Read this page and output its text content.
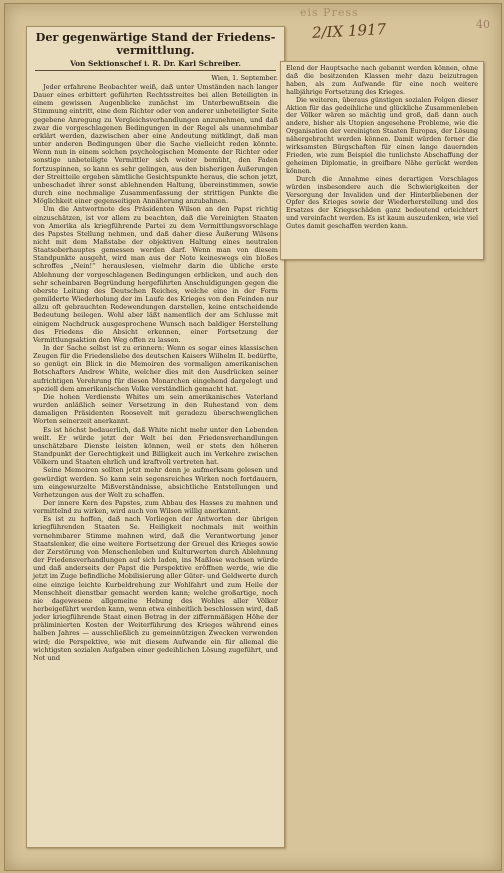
eis Press
2/IX 1917	40
Der gegenwärtige Stand der Friedens-
vermittlung.
Von Sektionschef i. R. Dr. Karl Schreiber.
Wien, 1. September.

Jeder erfahrene Beobachter weiß, daß unter Umständen nach langer Dauer eines erbittert geführten Rechtsstreites bei allen Beteiligten in einem gewissen Augenblicke zunächst im Unterbewußtsein die Stimmung eintritt, eine dem Richter oder von anderer unbeteiligter Seite gegebene Anregung zu Vergleichsverhandlungen anzunehmen, und daß zwar die vorgeschlagenen Bedingungen in der Regel als unannehmbar erklärt werden, dazwischen aber eine Andeutung mitklingt, daß man unter anderen Bedingungen über die Sache vielleicht reden könnte. Wenn nun in einem solchen psychologischen Momente der Richter oder sonstige unbeteiligte Vermittler sich weiter bemüht, den Faden fortzuspinnen, so kann es sehr gelingen, aus den bisherigen Äußerungen der Streitteile ergeben sämtliche Gesichtspunkte heraus, die schon jetzt, unbeschadet ihrer sonst ablehnenden Haltung, übereinstimmen, sowie durch eine nochmalige Zusammenfassung der strittigen Punkte die Möglichkeit einer gegenseitigen Annäherung anzubahnen.

Um die Antwortnote des Präsidenten Wilson an den Papst richtig einzuschätzen, ist vor allem zu beachten, daß die Vereinigten Staaten von Amerika als kriegführende Partei zu dem Vermittlungsvorschlage des Papstes Stellung nehmen, und daß daher diese Äußerung Wilsons nicht mit dem Maßstabe der objektiven Haltung eines neutralen Staatsoberhauptes gemessen werden darf. Wenn man von diesem Standpunkte ausgeht, wird man aus der Note keineswegs ein bloßes schroffes „Nein!“ herauslesen, vielmehr darin die übliche erste Ablehnung der vorgeschlagenen Bedingungen erblicken, und auch den sehr scheinbaren Begründung hergeführten Anschuldigungen gegen die oberste Leitung des Deutschen Reiches, welche eine in der Form gemilderte Wiederholung der im Laufe des Krieges von den Feinden nur allzu oft gebrauchten Redewendungen darstellen, keine entscheidende Bedeutung beilegen. Wohl aber läßt namentlich der am Schlusse mit einigem Nachdruck ausgesprochene Wunsch nach baldiger Herstellung des Friedens die Absicht erkennen, einer Fortsetzung der Vermittlungsaktion den Weg offen zu lassen.

In der Sache selbst ist zu erinnern: Wenn es sogar eines klassischen Zeugen für die Friedensliebe des deutschen Kaisers Wilhelm II. bedürfte, so genügt ein Blick in die Memoiren des vormaligen amerikanischen Botschafters Andrew White, welcher dies mit den Ausdrücken seiner aufrichtigen Verehrung für diesen Monarchen eingehend dargelegt und speziell dem amerikanischen Volke verständlich gemacht hat.

Die hohen Verdienste Whites um sein amerikanisches Vaterland wurden anläßlich seiner Versetzung in den Ruhestand von dem damaligen Präsidenten Roosevelt mit geradezu überschwenglichen Worten seinerzeit anerkannt.

Es ist höchst bedauerlich, daß White nicht mehr unter den Lebenden weilt. Er würde jetzt der Welt bei den Friedensverhandlungen unschätzbare Dienste leisten können, weil er stets den höheren Standpunkt der Gerechtigkeit und Billigkeit auch im Verkehre zwischen Völkern und Staaten ehrlich und kraftvoll vertreten hat.

Seine Memoiren sollten jetzt mehr denn je aufmerksam gelesen und gewürdigt werden. So kann sein segensreiches Wirken noch fortdauern, um eingewurzelte Mißverständnisse, absichtliche Entstellungen und Verhetzungen aus der Welt zu schaffen.

Der innere Kern des Papstes, zum Abbau des Hasses zu mahnen und vermittelnd zu wirken, wird auch von Wilson willig anerkannt.

Es ist zu hoffen, daß nach Vorliegen der Antworten der übrigen kriegführenden Staaten Se. Heiligkeit nochmals mit weithin vernehmbarer Stimme mahnen wird, daß die Verantwortung jener Staatslenker, die eine weitere Fortsetzung der Greuel des Krieges sowie der Zerstörung von Menschenleben und Kulturwerten durch Ablehnung der Friedensverhandlungen auf sich laden, ins Maßlose wachsen würde und daß anderseits der Papst die Perspektive eröffnen werde, wie die jetzt im Zuge befindliche Mobilisierung aller Güter- und Geldwerte durch eine einzige leichte Kurbeldrehung zur Wohlfahrt und zum Heile der Menschheit dienstbar gemacht werden kann; welche großartige, noch nie dagewesene allgemeine Hebung des Wohles aller Völker herbeigeführt werden kann, wenn etwa einheitlich beschlossen wird, daß jeder kriegführende Staat einen Betrag in der ziffernmäßigen Höhe der präliminierten Kosten der Weiterführung des Krieges während eines halben Jahres — ausschließlich zu gemeinnützigen Zwecken verwenden wird; die Perspektive, wie mit diesem Aufwande ein für allemal die wichtigsten sozialen Aufgaben einer gedeihlichen Lösung zugeführt, und Not und

Elend der Hauptsache nach gebannt werden können, ohne daß die besitzenden Klassen mehr dazu beizutragen haben, als zum Aufwande für eine noch weitere halbjährige Fortsetzung des Krieges.

Die weiteren, überaus günstigen sozialen Folgen dieser Aktion für das gedeihliche und glückliche Zusammenleben der Völker wären so mächtig und groß, daß dann auch andere, bisher als Utopien angesehene Probleme, wie die Organisation der vereinigten Staaten Europas, der Lösung nähergebracht werden können. Damit würden ferner die wirksamsten Bürgschaften für einen lange dauernden Frieden, wie zum Beispiel die tunlichste Abschaffung der geheimen Diplomatie, in greifbare Nähe gerückt werden können.

Durch die Annahme eines derartigen Vorschlages würden insbesondere auch die Schwierigkeiten der Versorgung der Invaliden und der Hinterbliebenen der Opfer des Krieges sowie der Wiederherstellung und des Ersatzes der Kriegsschäden ganz bedeutend erleichtert und vereinfacht werden. Es ist kaum auszudenken, wie viel Gutes damit geschaffen werden kann.
